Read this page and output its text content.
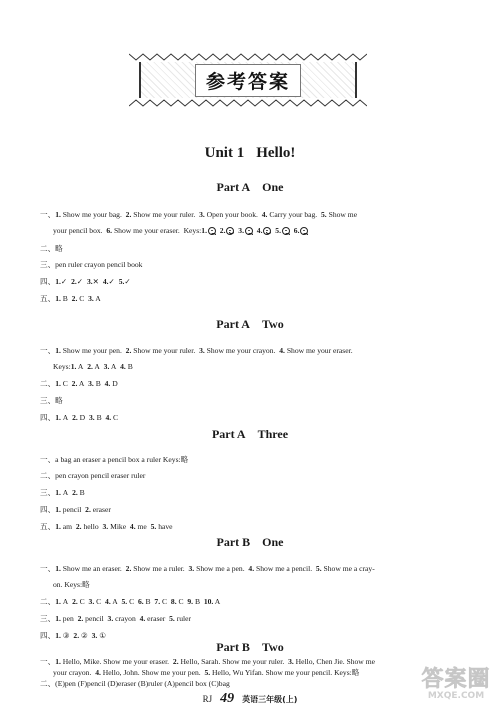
参考答案
Unit 1 Hello!
Part A One
一、1. Show me your bag. 2. Show me your ruler. 3. Open your book. 4. Carry your bag. 5. Show me
your pencil box. 6. Show me your eraser. Keys:1. 2. 3. 4. 5. 6.
二、略
三、pen ruler crayon pencil book
四、1.✓ 2.✓ 3.✕ 4.✓ 5.✓
五、1. B 2. C 3. A
Part A Two
一、1. Show me your pen. 2. Show me your ruler. 3. Show me your crayon. 4. Show me your eraser.
Keys:1. A 2. A 3. A 4. B
二、1. C 2. A 3. B 4. D
三、略
四、1. A 2. D 3. B 4. C
Part A Three
一、a bag an eraser a pencil box a ruler Keys:略
二、pen crayon pencil eraser ruler
三、1. A 2. B
四、1. pencil 2. eraser
五、1. am 2. hello 3. Mike 4. me 5. have
Part B One
一、1. Show me an eraser. 2. Show me a ruler. 3. Show me a pen. 4. Show me a pencil. 5. Show me a cray-
on. Keys:略
二、1. A 2. C 3. C 4. A 5. C 6. B 7. C 8. C 9. B 10. A
三、1. pen 2. pencil 3. crayon 4. eraser 5. ruler
四、1. ③ 2. ② 3. ①
Part B Two
一、1. Hello, Mike. Show me your eraser. 2. Hello, Sarah. Show me your ruler. 3. Hello, Chen Jie. Show me
your crayon. 4. Hello, John. Show me your pen. 5. Hello, Wu Yifan. Show me your pencil. Keys:略
二、(E)pen (F)pencil (D)eraser (B)ruler (A)pencil box (C)bag
RJ 49 英语三年级(上)
答案圈
MXQE.COM
